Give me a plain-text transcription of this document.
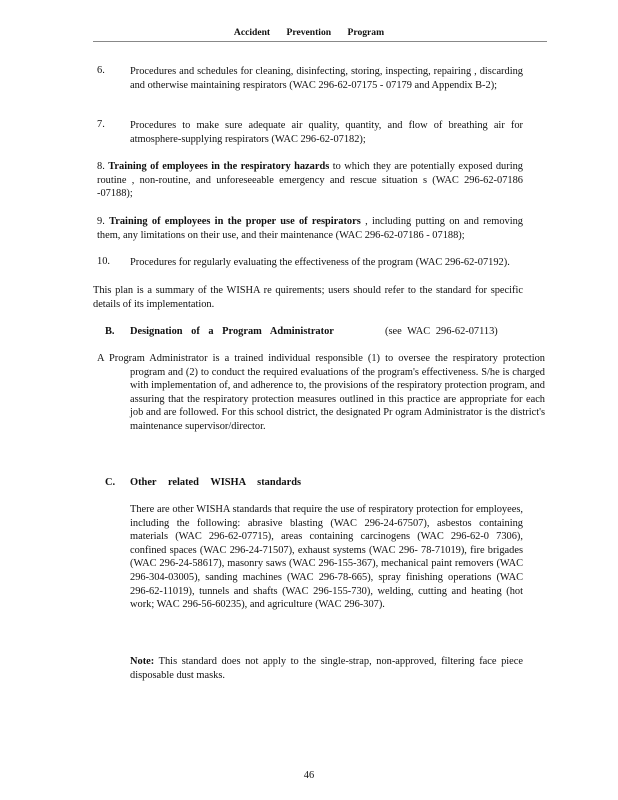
Accident Prevention Program
6. Procedures and schedules for cleaning, disinfecting, storing, inspecting, repairing , discarding and otherwise maintaining respirators (WAC 296-62-07175 - 07179 and Appendix B-2);
7. Procedures to make sure adequate air quality, quantity, and flow of breathing air for atmosphere-supplying respirators (WAC 296-62-07182);
8. Training of employees in the respiratory hazards to which they are potentially exposed during routine , non-routine, and unforeseeable emergency and rescue situation s (WAC 296-62-07186 -07188);
9. Training of employees in the proper use of respirators , including putting on and removing them, any limitations on their use, and their maintenance (WAC 296-62-07186 - 07188);
10. Procedures for regularly evaluating the effectiveness of the program (WAC 296-62-07192).
This plan is a summary of the WISHA re quirements; users should refer to the standard for specific details of its implementation.
B. Designation of a Program Administrator	(see WAC 296-62-07113)
A Program Administrator is a trained individual responsible (1) to oversee the respiratory protection program and (2) to conduct the required evaluations of the program's effectiveness. S/he is charged with implementation of, and adherence to, the provisions of the respiratory protection program, and assuring that the respiratory protection measures outlined in this practice are appropriate for each job and are followed. For this school district, the designated Pr ogram Administrator is the district's maintenance supervisor/director.
C. Other related WISHA standards
There are other WISHA standards that require the use of respiratory protection for employees, including the following: abrasive blasting (WAC 296-24-67507), asbestos containing materials (WAC 296-62-07715), areas containing carcinogens (WAC 296-62-0 7306), confined spaces (WAC 296-24-71507), exhaust systems (WAC 296- 78-71019), fire brigades (WAC 296-24-58617), masonry saws (WAC 296-155-367), mechanical paint removers (WAC 296-304-03005), sanding machines (WAC 296-78-665), spray finishing operations (WAC 296-62-11019), tunnels and shafts (WAC 296-155-730), welding, cutting and heating (hot work; WAC 296-56-60235), and agriculture (WAC 296-307).
Note: This standard does not apply to the single-strap, non-approved, filtering face piece disposable dust masks.
46
